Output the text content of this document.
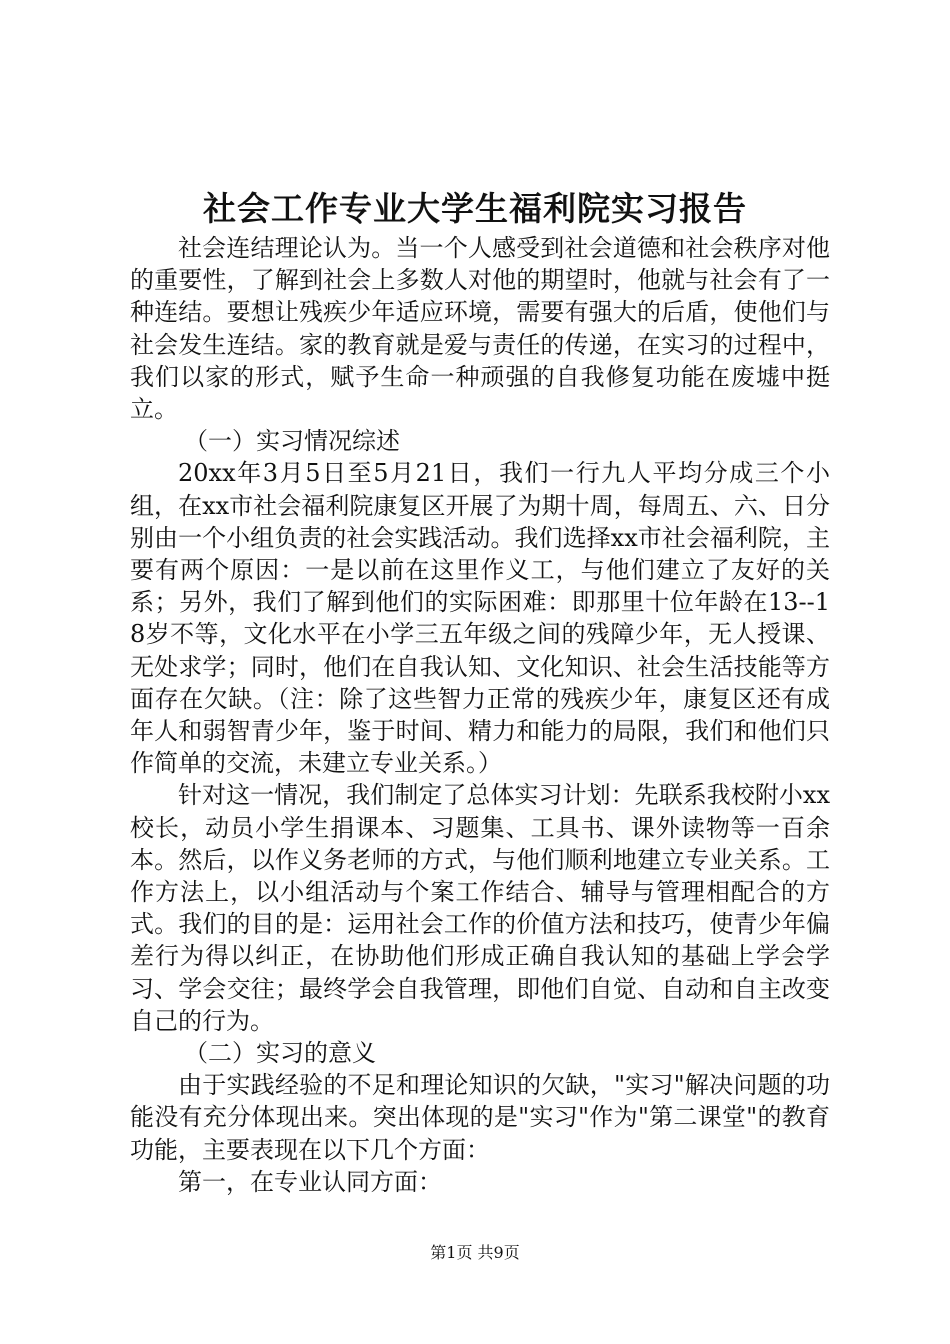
社会工作专业大学生福利院实习报告

社会连结理论认为。当一个人感受到社会道德和社会秩序对他的重要性，了解到社会上多数人对他的期望时，他就与社会有了一种连结。要想让残疾少年适应环境，需要有强大的后盾，使他们与社会发生连结。家的教育就是爱与责任的传递，在实习的过程中，我们以家的形式，赋予生命一种顽强的自我修复功能在废墟中挺立。

（一）实习情况综述

20xx年3月5日至5月21日，我们一行九人平均分成三个小组，在xx市社会福利院康复区开展了为期十周，每周五、六、日分别由一个小组负责的社会实践活动。我们选择xx市社会福利院，主要有两个原因：一是以前在这里作义工，与他们建立了友好的关系；另外，我们了解到他们的实际困难：即那里十位年龄在13--18岁不等，文化水平在小学三五年级之间的残障少年，无人授课、无处求学；同时，他们在自我认知、文化知识、社会生活技能等方面存在欠缺。（注：除了这些智力正常的残疾少年，康复区还有成年人和弱智青少年，鉴于时间、精力和能力的局限，我们和他们只作简单的交流，未建立专业关系。）

针对这一情况，我们制定了总体实习计划：先联系我校附小xx校长，动员小学生捐课本、习题集、工具书、课外读物等一百余本。然后，以作义务老师的方式，与他们顺利地建立专业关系。工作方法上，以小组活动与个案工作结合、辅导与管理相配合的方式。我们的目的是：运用社会工作的价值方法和技巧，使青少年偏差行为得以纠正，在协助他们形成正确自我认知的基础上学会学习、学会交往；最终学会自我管理，即他们自觉、自动和自主改变自己的行为。

（二）实习的意义

由于实践经验的不足和理论知识的欠缺，"实习"解决问题的功能没有充分体现出来。突出体现的是"实习"作为"第二课堂"的教育功能，主要表现在以下几个方面：

第一，在专业认同方面：

第1页 共9页
